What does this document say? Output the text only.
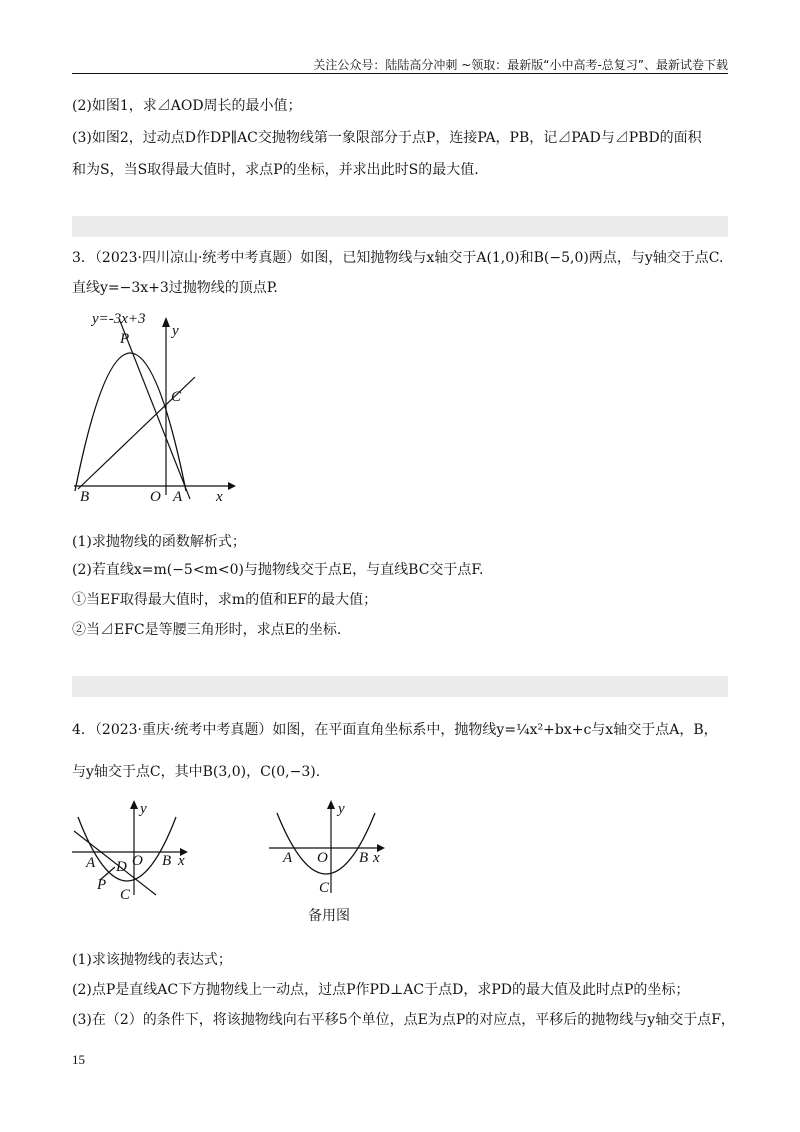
关注公众号：陆陆高分冲刺 ~领取：最新版“小中高考-总复习”、最新试卷下载
(2)如图1，求⊿AOD周长的最小值；
(3)如图2，过动点D作DP∥AC交抛物线第一象限部分于点P，连接PA，PB，记⊿PAD与⊿PBD的面积
和为S，当S取得最大值时，求点P的坐标，并求出此时S的最大值.
3．（2023·四川凉山·统考中考真题）如图，已知抛物线与x轴交于A(1,0)和B(−5,0)两点，与y轴交于点C.
直线y=−3x+3过抛物线的顶点P.
y=-3x+3
P
C
B	O A x
y
(1)求抛物线的函数解析式；
(2)若直线x=m(−5<m<0)与抛物线交于点E，与直线BC交于点F.
①当EF取得最大值时，求m的值和EF的最大值；
②当⊿EFC是等腰三角形时，求点E的坐标.
4．（2023·重庆·统考中考真题）如图，在平面直角坐标系中，抛物线y=¼x²+bx+c与x轴交于点A，B，
与y轴交于点C，其中B(3,0)，C(0,−3).
y
A D O B x
P
C
y
A O B x
C
备用图
(1)求该抛物线的表达式；
(2)点P是直线AC下方抛物线上一动点，过点P作PD⊥AC于点D，求PD的最大值及此时点P的坐标；
(3)在（2）的条件下，将该抛物线向右平移5个单位，点E为点P的对应点，平移后的抛物线与y轴交于点F，
15
